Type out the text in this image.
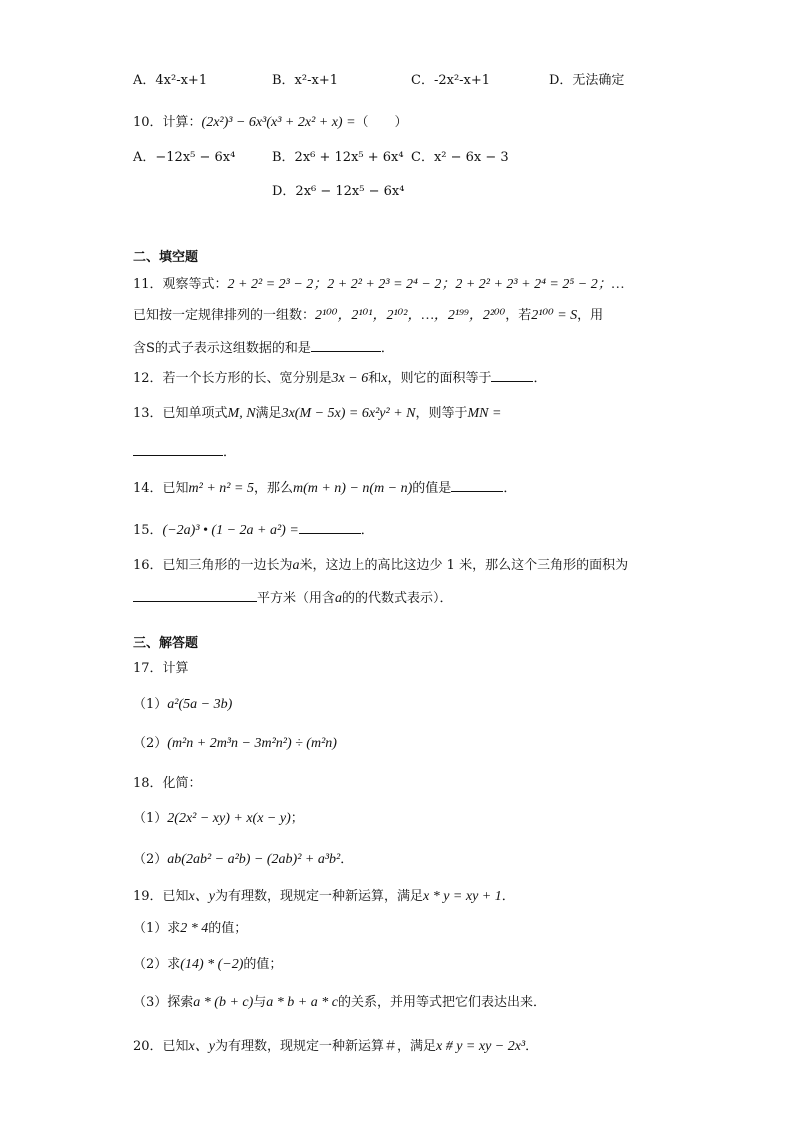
A．4x²-x+1	B．x²-x+1	C．-2x²-x+1	D．无法确定
10．计算：(2x²)³ − 6x³(x³ + 2x² + x) =（　　）
A．−12x⁵ − 6x⁴	B．2x⁶ + 12x⁵ + 6x⁴ C．x² − 6x − 3
D．2x⁶ − 12x⁵ − 6x⁴
二、填空题
11．观察等式：2 + 2² = 2³ − 2；2 + 2² + 2³ = 2⁴ − 2；2 + 2² + 2³ + 2⁴ = 2⁵ − 2；…
已知按一定规律排列的一组数：2¹⁰⁰，2¹⁰¹，2¹⁰²，…，2¹⁹⁹，2²⁰⁰，若2¹⁰⁰ = S，用
含S的式子表示这组数据的和是	．
12．若一个长方形的长、宽分别是3x − 6和x，则它的面积等于	．
13．已知单项式M, N满足3x(M − 5x) = 6x²y² + N，则等于MN =
．
14．已知m² + n² = 5，那么m(m + n) − n(m − n)的值是	．
15．(−2a)³ • (1 − 2a + a²) =	．
16．已知三角形的一边长为a米，这边上的高比这边少 1 米，那么这个三角形的面积为
平方米（用含a的的代数式表示）．
三、解答题
17．计算
（1）a²(5a − 3b)
（2）(m²n + 2m³n − 3m²n²) ÷ (m²n)
18．化简：
（1）2(2x² − xy) + x(x − y)；
（2）ab(2ab² − a²b) − (2ab)² + a³b²．
19．已知x、y为有理数，现规定一种新运算，满足x * y = xy + 1．
（1）求2 * 4的值；
（2）求(14) * (−2)的值；
（3）探索a * (b + c)与a * b + a * c的关系，并用等式把它们表达出来．
20．已知x、y为有理数，现规定一种新运算＃，满足x # y = xy − 2x³．
